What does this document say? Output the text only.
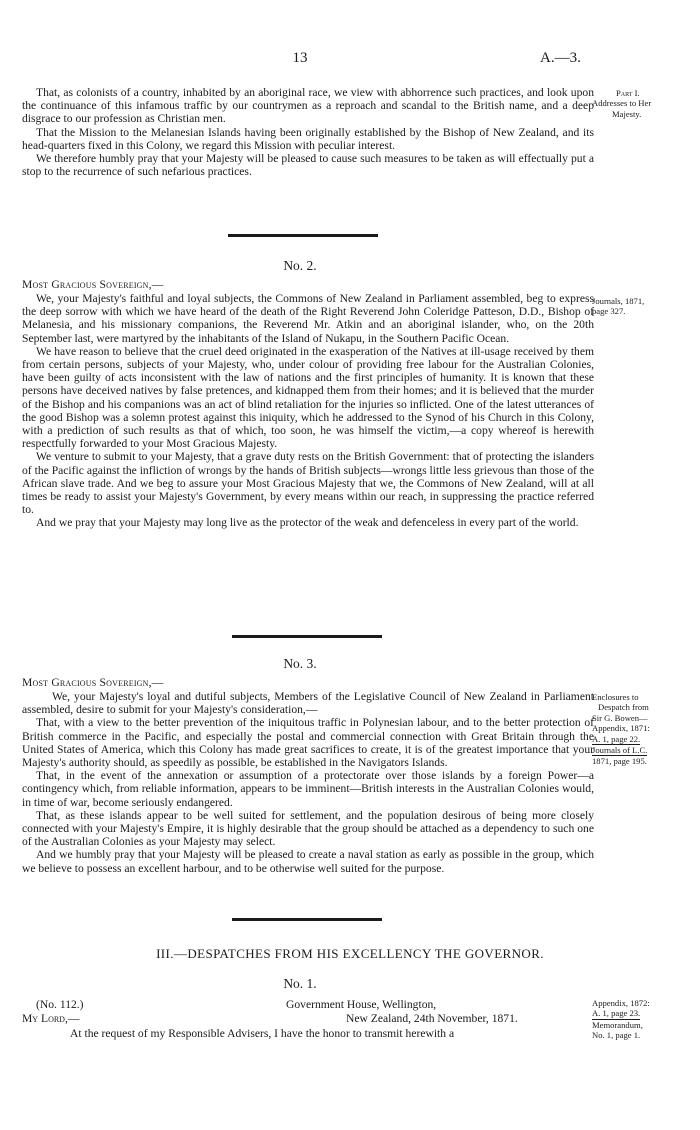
13	A.—3.

That, as colonists of a country, inhabited by an aboriginal race, we view with abhorrence such practices, and look upon the continuance of this infamous traffic by our countrymen as a reproach and scandal to the British name, and a deep disgrace to our profession as Christian men.

That the Mission to the Melanesian Islands having been originally established by the Bishop of New Zealand, and its head-quarters fixed in this Colony, we regard this Mission with peculiar interest.

We therefore humbly pray that your Majesty will be pleased to cause such measures to be taken as will effectually put a stop to the recurrence of such nefarious practices.

Part I.
Addresses to Her
Majesty.
No. 2.
Most Gracious Sovereign,—

We, your Majesty's faithful and loyal subjects, the Commons of New Zealand in Parliament assembled, beg to express the deep sorrow with which we have heard of the death of the Right Reverend John Coleridge Patteson, D.D., Bishop of Melanesia, and his missionary companions, the Reverend Mr. Atkin and an aboriginal islander, who, on the 20th September last, were martyred by the inhabitants of the Island of Nukapu, in the Southern Pacific Ocean.

We have reason to believe that the cruel deed originated in the exasperation of the Natives at ill-usage received by them from certain persons, subjects of your Majesty, who, under colour of providing free labour for the Australian Colonies, have been guilty of acts inconsistent with the law of nations and the first principles of humanity. It is known that these persons have deceived natives by false pretences, and kidnapped them from their homes; and it is believed that the murder of the Bishop and his companions was an act of blind retaliation for the injuries so inflicted. One of the latest utterances of the good Bishop was a solemn protest against this iniquity, which he addressed to the Synod of his Church in this Colony, with a prediction of such results as that of which, too soon, he was himself the victim,—a copy whereof is herewith respectfully forwarded to your Most Gracious Majesty.

We venture to submit to your Majesty, that a grave duty rests on the British Government: that of protecting the islanders of the Pacific against the infliction of wrongs by the hands of British subjects—wrongs little less grievous than those of the African slave trade. And we beg to assure your Most Gracious Majesty that we, the Commons of New Zealand, will at all times be ready to assist your Majesty's Government, by every means within our reach, in suppressing the practice referred to.

And we pray that your Majesty may long live as the protector of the weak and defenceless in every part of the world.

Journals, 1871,
page 327.
No. 3.
Most Gracious Sovereign,—

We, your Majesty's loyal and dutiful subjects, Members of the Legislative Council of New Zealand in Parliament assembled, desire to submit for your Majesty's consideration,—

That, with a view to the better prevention of the iniquitous traffic in Polynesian labour, and to the better protection of British commerce in the Pacific, and especially the postal and commercial connection with Great Britain through the United States of America, which this Colony has made great sacrifices to create, it is of the greatest importance that your Majesty's authority should, as speedily as possible, be established in the Navigators Islands.

That, in the event of the annexation or assumption of a protectorate over those islands by a foreign Power—a contingency which, from reliable information, appears to be imminent—British interests in the Australian Colonies would, in time of war, become seriously endangered.

That, as these islands appear to be well suited for settlement, and the population desirous of being more closely connected with your Majesty's Empire, it is highly desirable that the group should be attached as a dependency to such one of the Australian Colonies as your Majesty may select.

And we humbly pray that your Majesty will be pleased to create a naval station as early as possible in the group, which we believe to possess an excellent harbour, and to be otherwise well suited for the purpose.

Enclosures to
Despatch from
Sir G. Bowen—
Appendix, 1871:
A. 1, page 22.
Journals of L.C.
1871, page 195.
III.—DESPATCHES FROM HIS EXCELLENCY THE GOVERNOR.
No. 1.
(No. 112.)	Government House, Wellington,
New Zealand, 24th November, 1871.
My Lord,—
At the request of my Responsible Advisers, I have the honor to transmit herewith a
Appendix, 1872:
A. 1, page 23.
Memorandum,
No. 1, page 1.
